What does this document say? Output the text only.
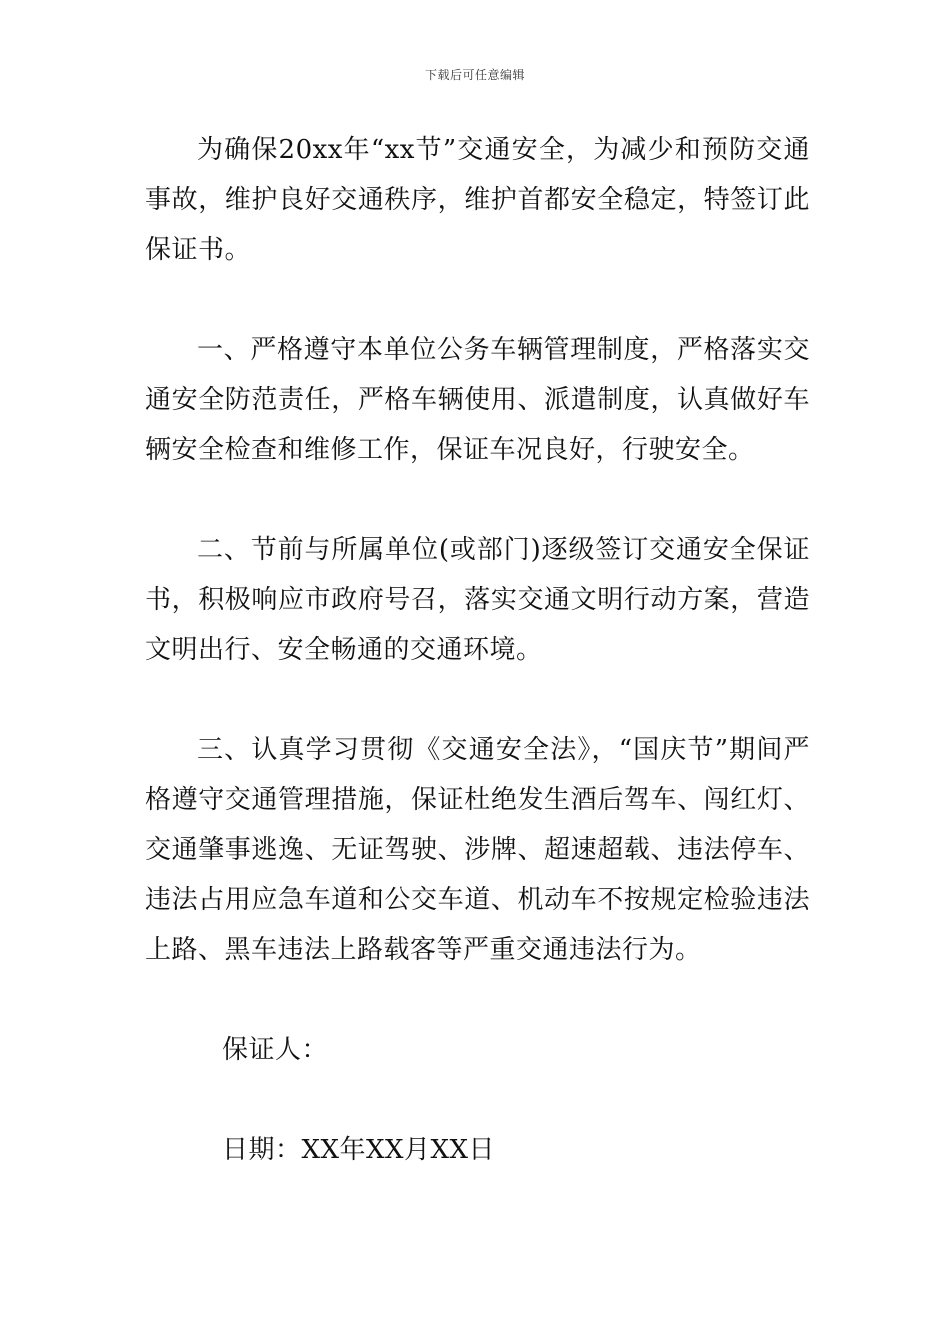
下载后可任意编辑

为确保20xx年“xx节”交通安全，为减少和预防交通事故，维护良好交通秩序，维护首都安全稳定，特签订此保证书。

一、严格遵守本单位公务车辆管理制度，严格落实交通安全防范责任，严格车辆使用、派遣制度，认真做好车辆安全检查和维修工作，保证车况良好，行驶安全。

二、节前与所属单位(或部门)逐级签订交通安全保证书，积极响应市政府号召，落实交通文明行动方案，营造文明出行、安全畅通的交通环境。

三、认真学习贯彻《交通安全法》，“国庆节”期间严格遵守交通管理措施，保证杜绝发生酒后驾车、闯红灯、交通肇事逃逸、无证驾驶、涉牌、超速超载、违法停车、违法占用应急车道和公交车道、机动车不按规定检验违法上路、黑车违法上路载客等严重交通违法行为。

保证人：

日期：XX年XX月XX日
